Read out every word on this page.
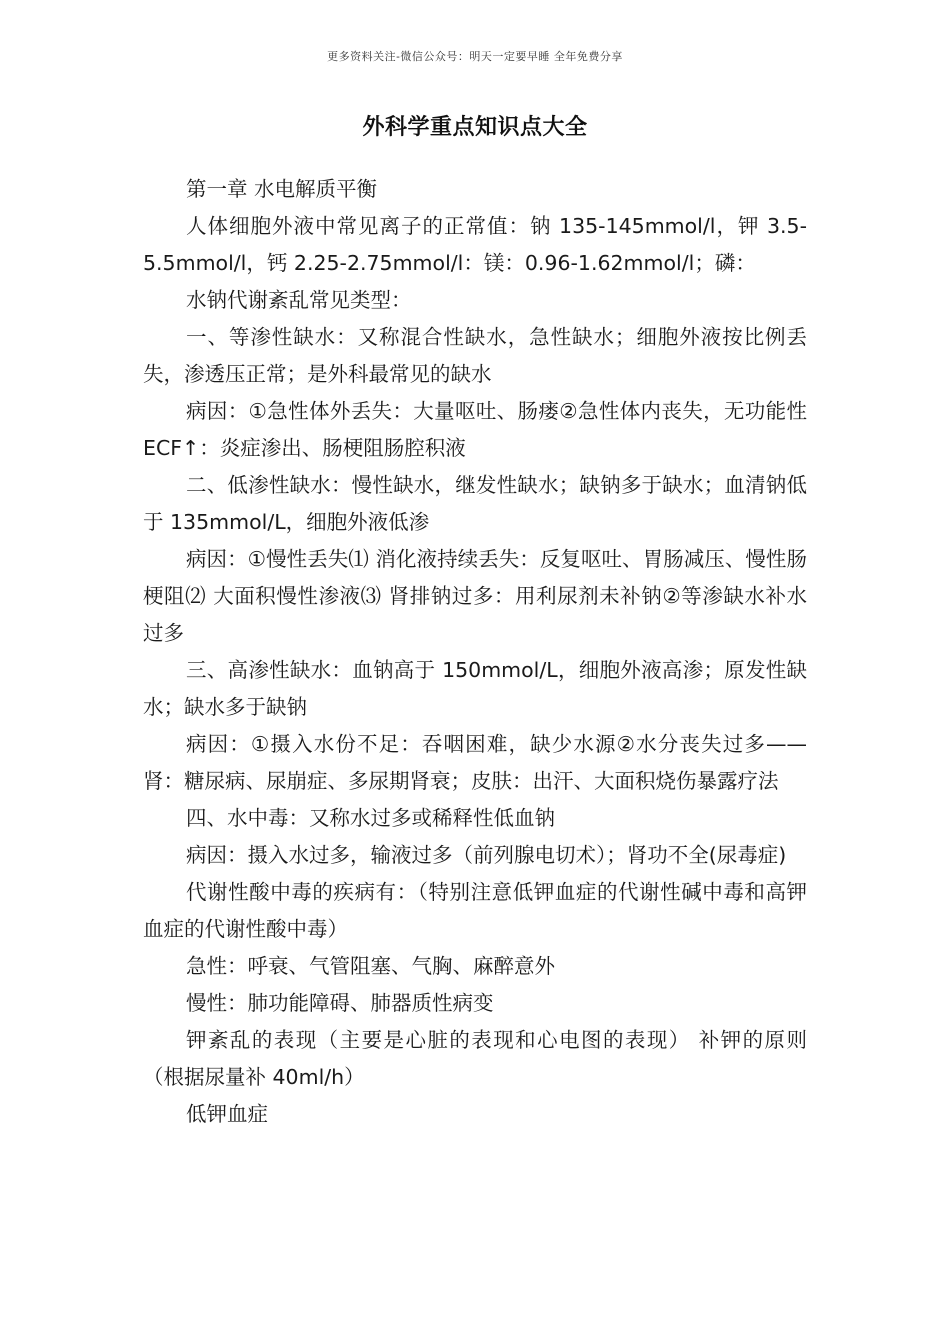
更多资料关注-微信公众号：明天一定要早睡 全年免费分享
外科学重点知识点大全

第一章 水电解质平衡

人体细胞外液中常见离子的正常值：钠 135-145mmol/l，钾 3.5-5.5mmol/l，钙 2.25-2.75mmol/l：镁：0.96-1.62mmol/l；磷：

水钠代谢紊乱常见类型：

一、等渗性缺水：又称混合性缺水，急性缺水；细胞外液按比例丢失，渗透压正常；是外科最常见的缺水

病因：①急性体外丢失：大量呕吐、肠瘘②急性体内丧失，无功能性 ECF↑：炎症渗出、肠梗阻肠腔积液

二、低渗性缺水：慢性缺水，继发性缺水；缺钠多于缺水；血清钠低于 135mmol/L，细胞外液低渗

病因：①慢性丢失⑴ 消化液持续丢失：反复呕吐、胃肠减压、慢性肠梗阻⑵ 大面积慢性渗液⑶ 肾排钠过多：用利尿剂未补钠②等渗缺水补水过多

三、高渗性缺水：血钠高于 150mmol/L，细胞外液高渗；原发性缺水；缺水多于缺钠

病因：①摄入水份不足：吞咽困难，缺少水源②水分丧失过多——肾：糖尿病、尿崩症、多尿期肾衰；皮肤：出汗、大面积烧伤暴露疗法

四、水中毒：又称水过多或稀释性低血钠

病因：摄入水过多，输液过多（前列腺电切术）；肾功不全(尿毒症)

代谢性酸中毒的疾病有：（特别注意低钾血症的代谢性碱中毒和高钾血症的代谢性酸中毒）

急性：呼衰、气管阻塞、气胸、麻醉意外

慢性：肺功能障碍、肺器质性病变

钾紊乱的表现（主要是心脏的表现和心电图的表现） 补钾的原则（根据尿量补 40ml/h）

低钾血症
